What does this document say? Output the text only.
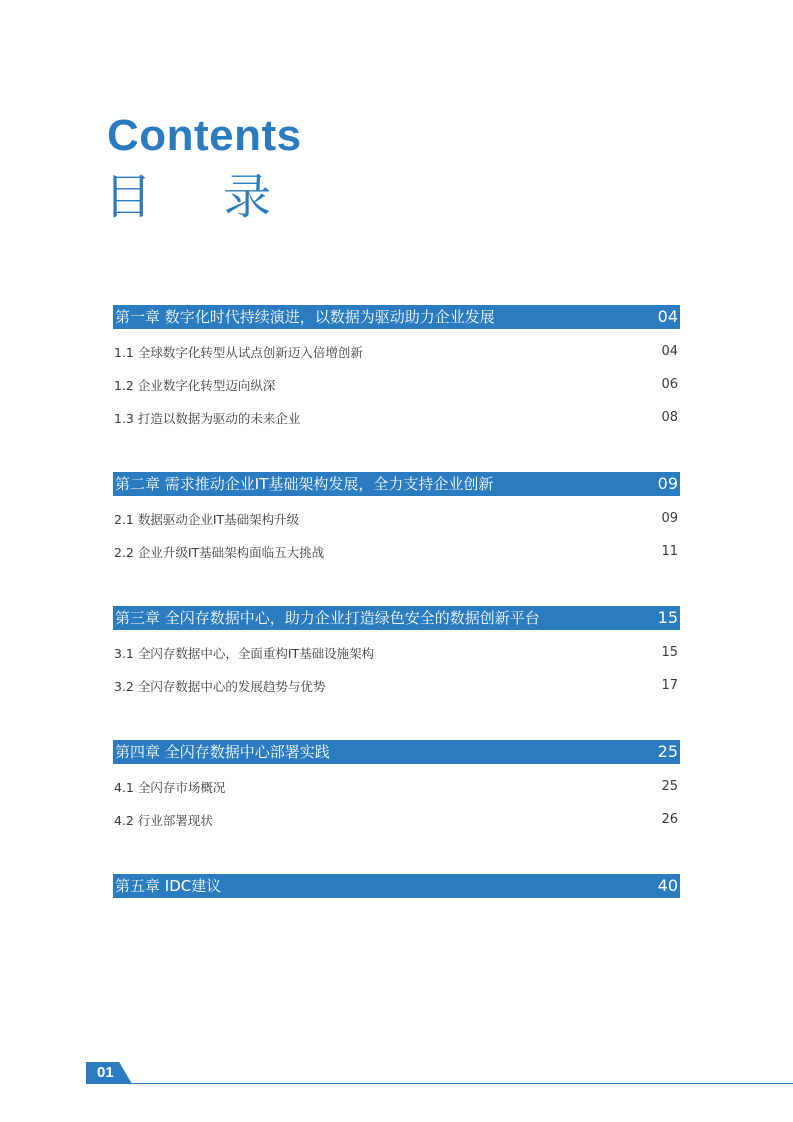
Contents
目 录
第一章 数字化时代持续演进，以数据为驱动助力企业发展	04
1.1 全球数字化转型从试点创新迈入倍增创新	04
1.2 企业数字化转型迈向纵深	06
1.3 打造以数据为驱动的未来企业	08
第二章 需求推动企业IT基础架构发展，全力支持企业创新	09
2.1 数据驱动企业IT基础架构升级	09
2.2 企业升级IT基础架构面临五大挑战	11
第三章 全闪存数据中心，助力企业打造绿色安全的数据创新平台	15
3.1 全闪存数据中心，全面重构IT基础设施架构	15
3.2 全闪存数据中心的发展趋势与优势	17
第四章 全闪存数据中心部署实践	25
4.1 全闪存市场概况	25
4.2 行业部署现状	26
第五章 IDC建议	40
01
